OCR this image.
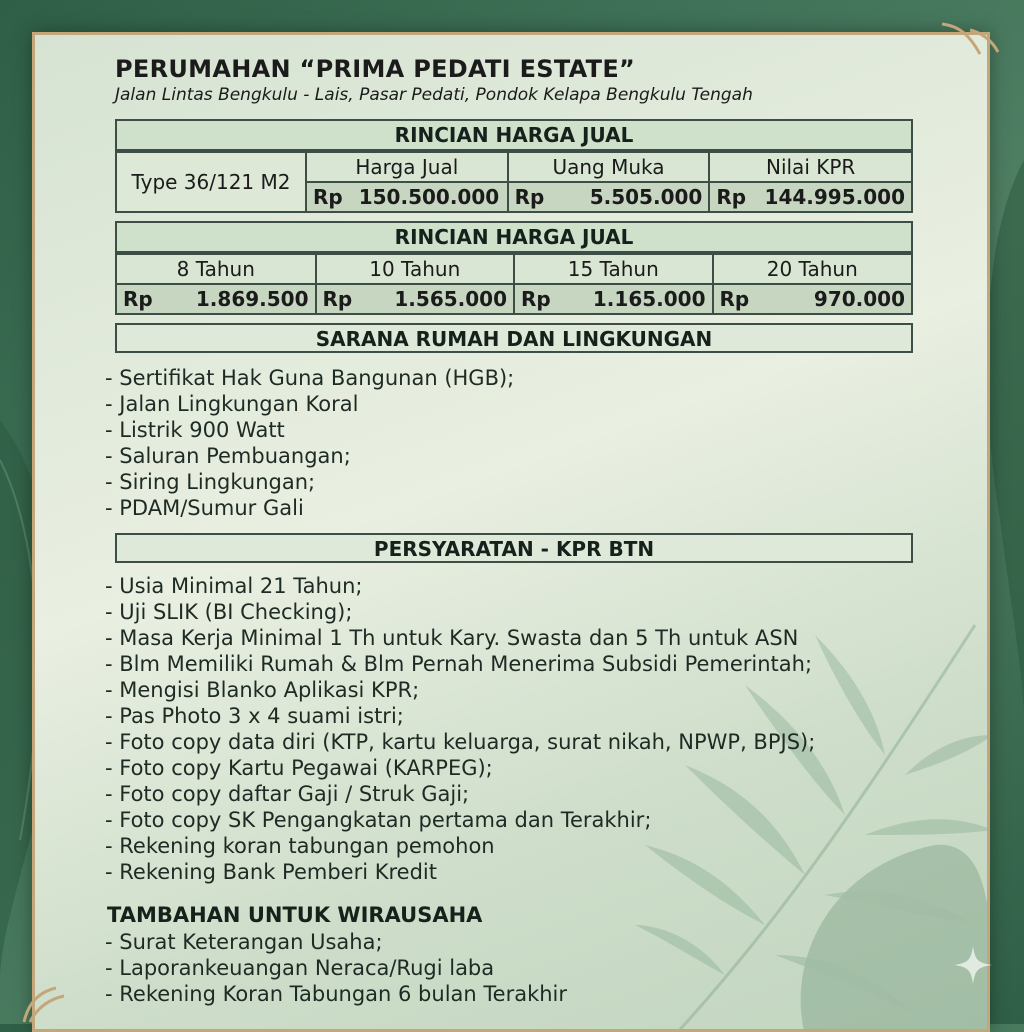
PERUMAHAN “PRIMA PEDATI ESTATE”
Jalan Lintas Bengkulu - Lais, Pasar Pedati, Pondok Kelapa Bengkulu Tengah
RINCIAN HARGA JUAL
Type 36/121 M2	Harga Jual	Uang Muka	Nilai KPR

	Rp 150.500.000	Rp 5.505.000	Rp 144.995.000
RINCIAN HARGA JUAL
8 Tahun	10 Tahun	15 Tahun	20 Tahun

Rp 1.869.500	Rp 1.565.000	Rp 1.165.000	Rp 970.000
SARANA RUMAH DAN LINGKUNGAN
- Sertifikat Hak Guna Bangunan (HGB);
- Jalan Lingkungan Koral
- Listrik 900 Watt
- Saluran Pembuangan;
- Siring Lingkungan;
- PDAM/Sumur Gali
PERSYARATAN - KPR BTN
- Usia Minimal 21 Tahun;
- Uji SLIK (BI Checking);
- Masa Kerja Minimal 1 Th untuk Kary. Swasta dan 5 Th untuk ASN
- Blm Memiliki Rumah & Blm Pernah Menerima Subsidi Pemerintah;
- Mengisi Blanko Aplikasi KPR;
- Pas Photo 3 x 4 suami istri;
- Foto copy data diri (KTP, kartu keluarga, surat nikah, NPWP, BPJS);
- Foto copy Kartu Pegawai (KARPEG);
- Foto copy daftar Gaji / Struk Gaji;
- Foto copy SK Pengangkatan pertama dan Terakhir;
- Rekening koran tabungan pemohon
- Rekening Bank Pemberi Kredit
TAMBAHAN UNTUK WIRAUSAHA
- Surat Keterangan Usaha;
- Laporankeuangan Neraca/Rugi laba
- Rekening Koran Tabungan 6 bulan Terakhir
